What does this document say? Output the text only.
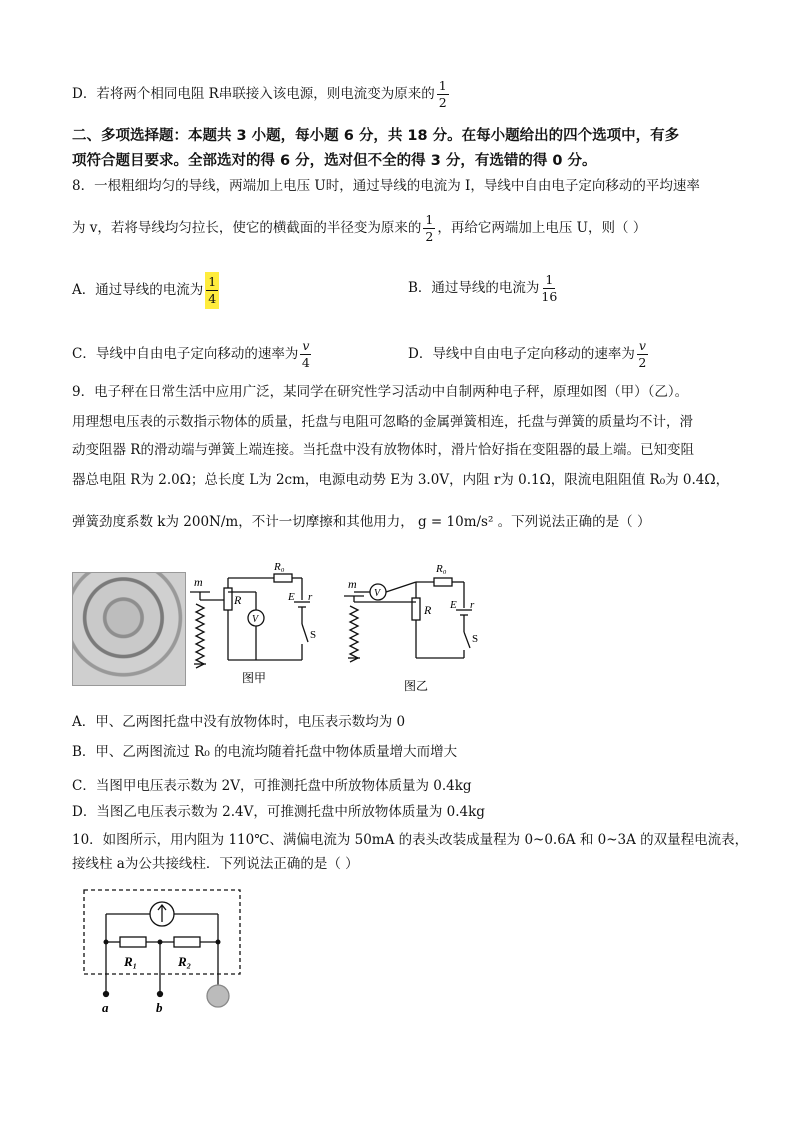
D．若将两个相同电阻 R串联接入该电源，则电流变为原来的 $\frac{1}{2}$
二、多项选择题：本题共 3 小题，每小题 6 分，共 18 分。在每小题给出的四个选项中，有多
项符合题目要求。全部选对的得 6 分，选对但不全的得 3 分，有选错的得 0 分。
8．一根粗细均匀的导线，两端加上电压 U时，通过导线的电流为 I，导线中自由电子定向移动的平均速率
为 v，若将导线均匀拉长，使它的横截面的半径变为原来的 $\frac{1}{2}$ ，再给它两端加上电压 U，则（ ）
A．通过导线的电流为 $\frac{1}{4}$	B．通过导线的电流为 $\frac{1}{16}$
C．导线中自由电子定向移动的速率为 $\frac{v}{4}$	D．导线中自由电子定向移动的速率为 $\frac{v}{2}$
9．电子秤在日常生活中应用广泛，某同学在研究性学习活动中自制两种电子秤，原理如图（甲）（乙）。
用理想电压表的示数指示物体的质量，托盘与电阻可忽略的金属弹簧相连，托盘与弹簧的质量均不计，滑
动变阻器 R的滑动端与弹簧上端连接。当托盘中没有放物体时，滑片恰好指在变阻器的最上端。已知变阻
器总电阻 R为 2.0Ω；总长度 L为 2cm，电源电动势 E为 3.0V，内阻 r为 0.1Ω，限流电阻阻值 R₀为 0.4Ω，
弹簧劲度系数 k为 200N/m，不计一切摩擦和其他用力， g = 10m/s² 。下列说法正确的是（ ）
m
R
R₀
V
E r
S
图甲
m
R
R₀
V
E r
S
图乙
A．甲、乙两图托盘中没有放物体时，电压表示数均为 0
B．甲、乙两图流过 R₀ 的电流均随着托盘中物体质量增大而增大
C．当图甲电压表示数为 2V，可推测托盘中所放物体质量为 0.4kg
D．当图乙电压表示数为 2.4V，可推测托盘中所放物体质量为 0.4kg
10．如图所示，用内阻为 110℃、满偏电流为 50mA 的表头改装成量程为 0~0.6A 和 0~3A 的双量程电流表，
接线柱 a为公共接线柱．下列说法正确的是（ ）
R₁	R₂
a	b
